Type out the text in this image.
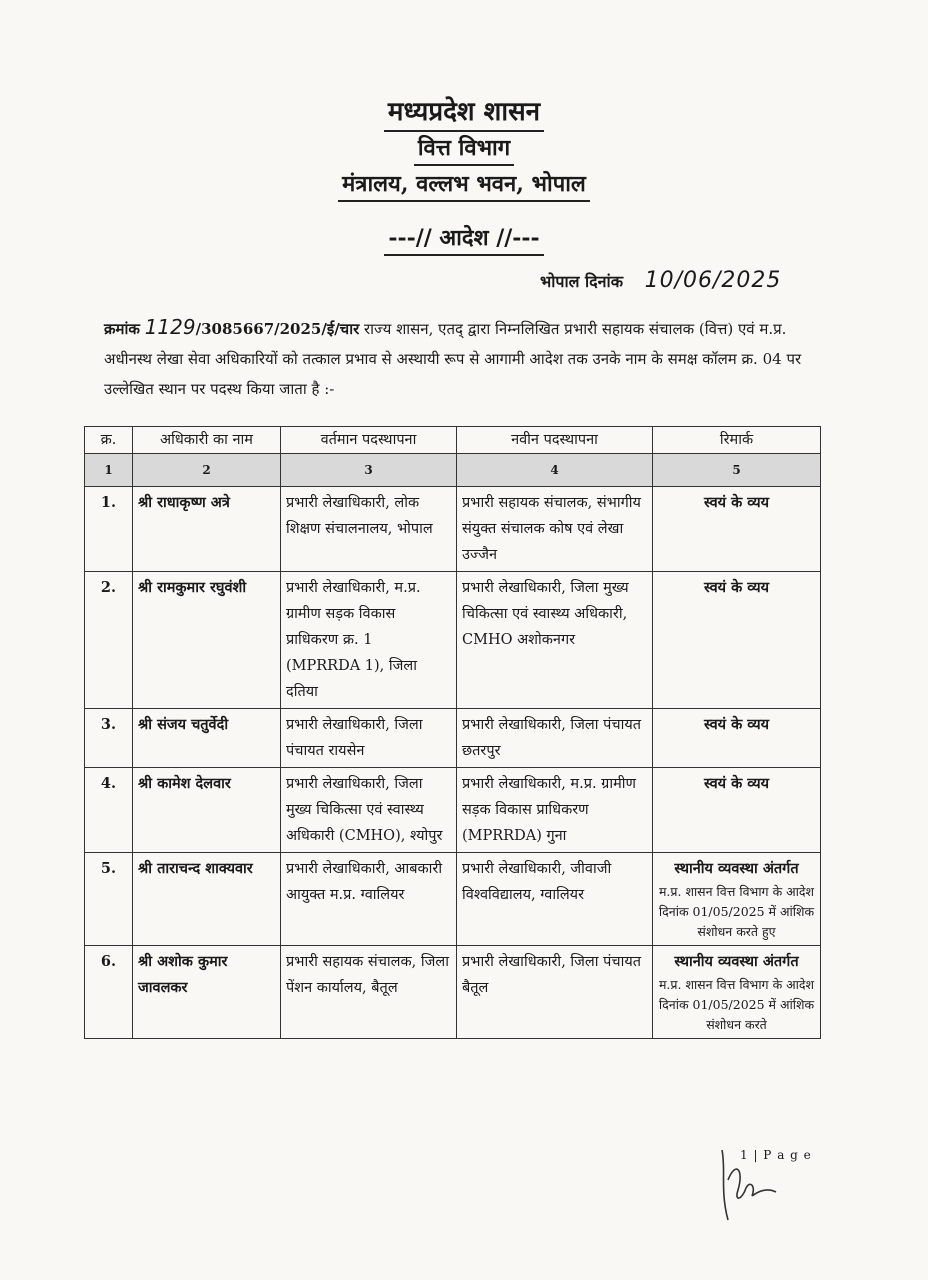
मध्यप्रदेश शासन
वित्त विभाग
मंत्रालय, वल्लभ भवन, भोपाल
---// आदेश //---
भोपाल दिनांक 10/06/2025
क्रमांक 1129/3085667/2025/ई/चार राज्य शासन, एतद् द्वारा निम्नलिखित प्रभारी सहायक संचालक (वित्त) एवं म.प्र. अधीनस्थ लेखा सेवा अधिकारियों को तत्काल प्रभाव से अस्थायी रूप से आगामी आदेश तक उनके नाम के समक्ष कॉलम क्र. 04 पर उल्लेखित स्थान पर पदस्थ किया जाता है :-
क्र.	अधिकारी का नाम	वर्तमान पदस्थापना	नवीन पदस्थापना	रिमार्क
1	2	3	4	5
1.	श्री राधाकृष्ण अत्रे	प्रभारी लेखाधिकारी, लोक शिक्षण संचालनालय, भोपाल	प्रभारी सहायक संचालक, संभागीय संयुक्त संचालक कोष एवं लेखा उज्जैन	स्वयं के व्यय

2.	श्री रामकुमार रघुवंशी	प्रभारी लेखाधिकारी, म.प्र. ग्रामीण सड़क विकास प्राधिकरण क्र. 1 (MPRRDA 1), जिला दतिया	प्रभारी लेखाधिकारी, जिला मुख्य चिकित्सा एवं स्वास्थ्य अधिकारी, CMHO अशोकनगर	स्वयं के व्यय

3.	श्री संजय चतुर्वेदी	प्रभारी लेखाधिकारी, जिला पंचायत रायसेन	प्रभारी लेखाधिकारी, जिला पंचायत छतरपुर	स्वयं के व्यय

4.	श्री कामेश देलवार	प्रभारी लेखाधिकारी, जिला मुख्य चिकित्सा एवं स्वास्थ्य अधिकारी (CMHO), श्योपुर	प्रभारी लेखाधिकारी, म.प्र. ग्रामीण सड़क विकास प्राधिकरण (MPRRDA) गुना	स्वयं के व्यय

5.	श्री ताराचन्द शाक्यवार	प्रभारी लेखाधिकारी, आबकारी आयुक्त म.प्र. ग्वालियर	प्रभारी लेखाधिकारी, जीवाजी विश्वविद्यालय, ग्वालियर	स्थानीय व्यवस्था अंतर्गत
म.प्र. शासन वित्त विभाग के आदेश दिनांक 01/05/2025 में आंशिक संशोधन करते हुए

6.	श्री अशोक कुमार जावलकर	प्रभारी सहायक संचालक, जिला पेंशन कार्यालय, बैतूल	प्रभारी लेखाधिकारी, जिला पंचायत बैतूल	स्थानीय व्यवस्था अंतर्गत
म.प्र. शासन वित्त विभाग के आदेश दिनांक 01/05/2025 में आंशिक संशोधन करते
1 | P a g e
